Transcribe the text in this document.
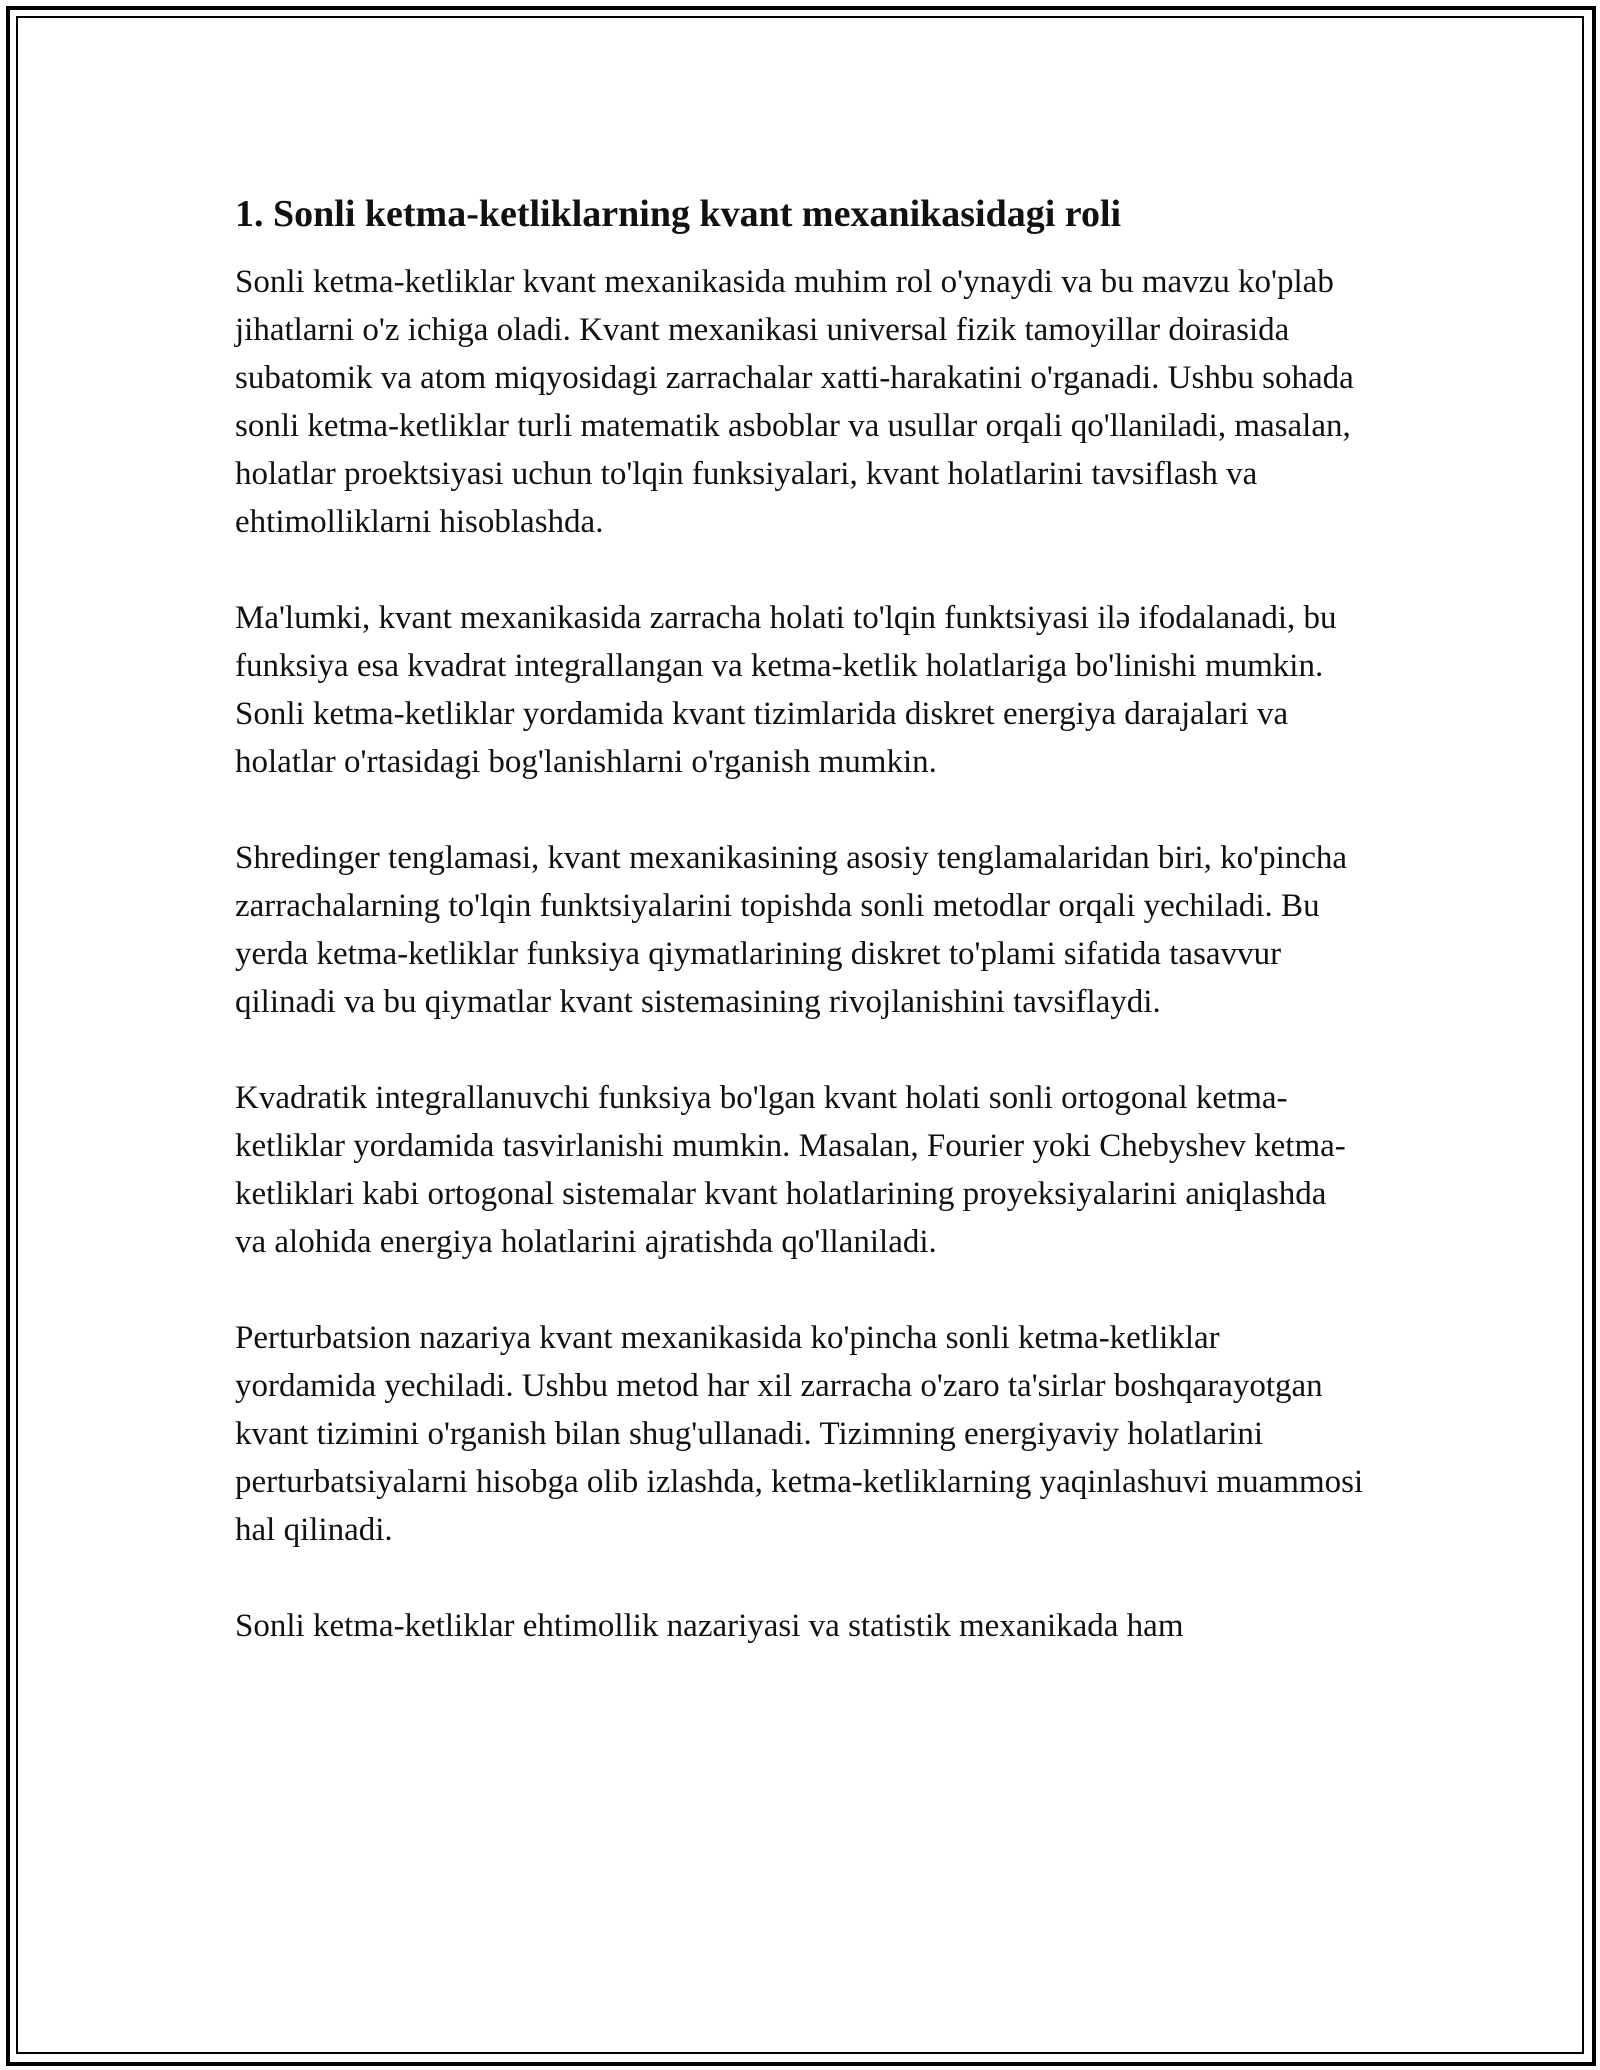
1. Sonli ketma-ketliklarning kvant mexanikasidagi roli

Sonli ketma-ketliklar kvant mexanikasida muhim rol o'ynaydi va bu mavzu ko'plab jihatlarni o'z ichiga oladi. Kvant mexanikasi universal fizik tamoyillar doirasida subatomik va atom miqyosidagi zarrachalar xatti-harakatini o'rganadi. Ushbu sohada sonli ketma-ketliklar turli matematik asboblar va usullar orqali qo'llaniladi, masalan, holatlar proektsiyasi uchun to'lqin funksiyalari, kvant holatlarini tavsiflash va ehtimolliklarni hisoblashda.

Ma'lumki, kvant mexanikasida zarracha holati to'lqin funktsiyasi ilə ifodalanadi, bu funksiya esa kvadrat integrallangan va ketma-ketlik holatlariga bo'linishi mumkin. Sonli ketma-ketliklar yordamida kvant tizimlarida diskret energiya darajalari va holatlar o'rtasidagi bog'lanishlarni o'rganish mumkin.

Shredinger tenglamasi, kvant mexanikasining asosiy tenglamalaridan biri, ko'pincha zarrachalarning to'lqin funktsiyalarini topishda sonli metodlar orqali yechiladi. Bu yerda ketma-ketliklar funksiya qiymatlarining diskret to'plami sifatida tasavvur qilinadi va bu qiymatlar kvant sistemasining rivojlanishini tavsiflaydi.

Kvadratik integrallanuvchi funksiya bo'lgan kvant holati sonli ortogonal ketma-ketliklar yordamida tasvirlanishi mumkin. Masalan, Fourier yoki Chebyshev ketma-ketliklari kabi ortogonal sistemalar kvant holatlarining proyeksiyalarini aniqlashda va alohida energiya holatlarini ajratishda qo'llaniladi.

Perturbatsion nazariya kvant mexanikasida ko'pincha sonli ketma-ketliklar yordamida yechiladi. Ushbu metod har xil zarracha o'zaro ta'sirlar boshqarayotgan kvant tizimini o'rganish bilan shug'ullanadi. Tizimning energiyaviy holatlarini perturbatsiyalarni hisobga olib izlashda, ketma-ketliklarning yaqinlashuvi muammosi hal qilinadi.

Sonli ketma-ketliklar ehtimollik nazariyasi va statistik mexanikada ham
